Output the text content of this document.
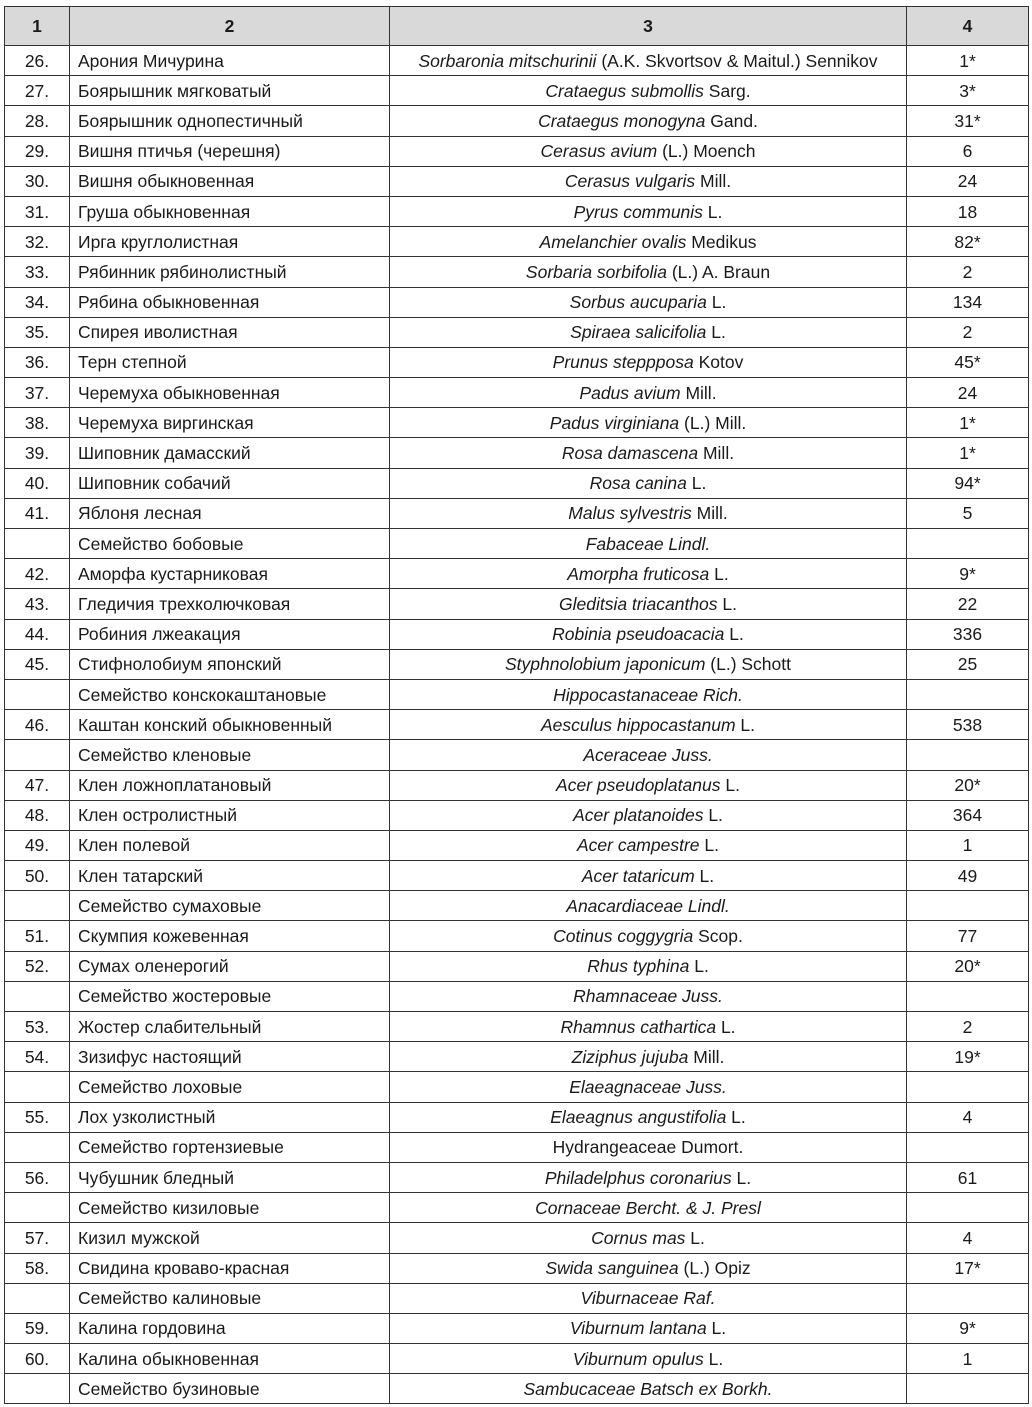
1	2	3	4
26.	Арония Мичурина	Sorbaronia mitschurinii (A.K. Skvortsov & Maitul.) Sennikov	1*
27.	Боярышник мягковатый	Crataegus submollis Sarg.	3*
28.	Боярышник однопестичный	Crataegus monogyna Gand.	31*
29.	Вишня птичья (черешня)	Cerasus avium (L.) Moench	6
30.	Вишня обыкновенная	Cerasus vulgaris Mill.	24
31.	Груша обыкновенная	Pyrus communis L.	18
32.	Ирга круглолистная	Amelanchier ovalis Medikus	82*
33.	Рябинник рябинолистный	Sorbaria sorbifolia (L.) A. Braun	2
34.	Рябина обыкновенная	Sorbus aucuparia L.	134
35.	Спирея иволистная	Spiraea salicifolia L.	2
36.	Терн степной	Prunus steppposa Kotov	45*
37.	Черемуха обыкновенная	Padus avium Mill.	24
38.	Черемуха виргинская	Padus virginiana (L.) Mill.	1*
39.	Шиповник дамасский	Rosa damascena Mill.	1*
40.	Шиповник собачий	Rosa canina L.	94*
41.	Яблоня лесная	Malus sylvestris Mill.	5
	Семейство бобовые	Fabaceae Lindl.	
42.	Аморфа кустарниковая	Amorpha fruticosa L.	9*
43.	Гледичия трехколючковая	Gleditsia triacanthos L.	22
44.	Робиния лжеакация	Robinia pseudoacacia L.	336
45.	Стифнолобиум японский	Styphnolobium japonicum (L.) Schott	25
	Семейство конскокаштановые	Hippocastanaceae Rich.	
46.	Каштан конский обыкновенный	Aesculus hippocastanum L.	538
	Семейство кленовые	Aceraceae Juss.	
47.	Клен ложноплатановый	Acer pseudoplatanus L.	20*
48.	Клен остролистный	Acer platanoides L.	364
49.	Клен полевой	Acer campestre L.	1
50.	Клен татарский	Acer tataricum L.	49
	Семейство сумаховые	Anacardiaceae Lindl.	
51.	Скумпия кожевенная	Cotinus coggygria Scop.	77
52.	Сумах оленерогий	Rhus typhina L.	20*
	Семейство жостеровые	Rhamnaceae Juss.	
53.	Жостер слабительный	Rhamnus cathartica L.	2
54.	Зизифус настоящий	Ziziphus jujuba Mill.	19*
	Семейство лоховые	Elaeagnaceae Juss.	
55.	Лох узколистный	Elaeagnus angustifolia L.	4
	Семейство гортензиевые	Hydrangeaceae Dumort.	
56.	Чубушник бледный	Philadelphus coronarius L.	61
	Семейство кизиловые	Cornaceae Bercht. & J. Presl	
57.	Кизил мужской	Cornus mas L.	4
58.	Свидина кроваво-красная	Swida sanguinea (L.) Opiz	17*
	Семейство калиновые	Viburnaceae Raf.	
59.	Калина гордовина	Viburnum lantana L.	9*
60.	Калина обыкновенная	Viburnum opulus L.	1
	Семейство бузиновые	Sambucaceae Batsch ex Borkh.	
